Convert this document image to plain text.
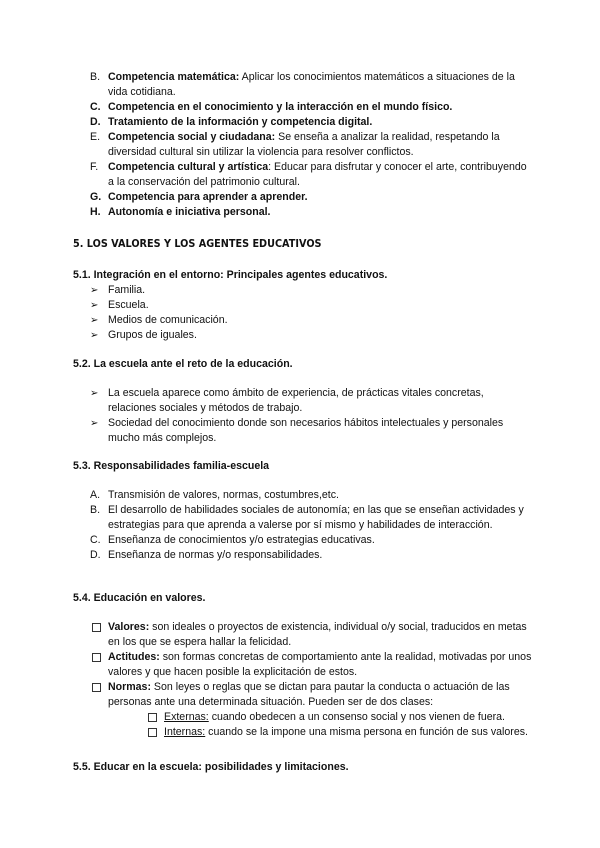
B. Competencia matemática: Aplicar los conocimientos matemáticos a situaciones de la vida cotidiana.
C. Competencia en el conocimiento y la interacción en el mundo físico.
D. Tratamiento de la información y competencia digital.
E. Competencia social y ciudadana: Se enseña a analizar la realidad, respetando la diversidad cultural sin utilizar la violencia para resolver conflictos.
F. Competencia cultural y artística: Educar para disfrutar y conocer el arte, contribuyendo a la conservación del patrimonio cultural.
G. Competencia para aprender a aprender.
H. Autonomía e iniciativa personal.
5. LOS VALORES Y LOS AGENTES EDUCATIVOS

5.1. Integración en el entorno: Principales agentes educativos.

➢ Familia.
➢ Escuela.
➢ Medios de comunicación.
➢ Grupos de iguales.

5.2. La escuela ante el reto de la educación.

➢ La escuela aparece como ámbito de experiencia, de prácticas vitales concretas, relaciones sociales y métodos de trabajo.
➢ Sociedad del conocimiento donde son necesarios hábitos intelectuales y personales mucho más complejos.

5.3. Responsabilidades familia-escuela

A. Transmisión de valores, normas, costumbres,etc.
B. El desarrollo de habilidades sociales de autonomía; en las que se enseñan actividades y estrategias para que aprenda a valerse por sí mismo y habilidades de interacción.
C. Enseñanza de conocimientos y/o estrategias educativas.
D. Enseñanza de normas y/o responsabilidades.

5.4. Educación en valores.

Valores: son ideales o proyectos de existencia, individual o/y social, traducidos en metas en los que se espera hallar la felicidad.
Actitudes: son formas concretas de comportamiento ante la realidad, motivadas por unos valores y que hacen posible la explicitación de estos.
Normas: Son leyes o reglas que se dictan para pautar la conducta o actuación de las personas ante una determinada situación. Pueden ser de dos clases:
Externas: cuando obedecen a un consenso social y nos vienen de fuera.
Internas: cuando se la impone una misma persona en función de sus valores.

5.5. Educar en la escuela: posibilidades y limitaciones.
